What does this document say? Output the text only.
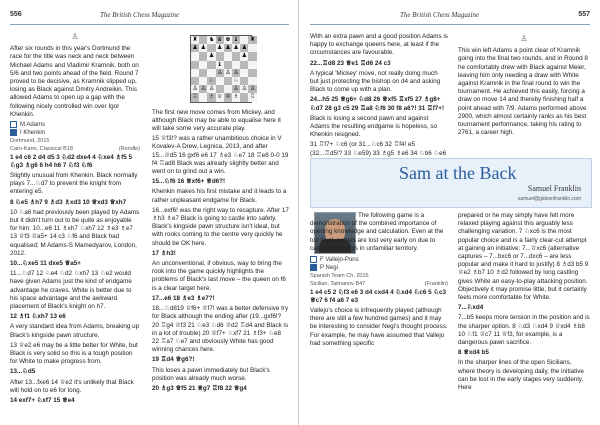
556	The British Chess Magazine
♙

After six rounds in this year's Dortmund the race for the title was neck and neck between Michael Adams and Vladimir Kramnik, both on 5/6 and two points ahead of the field. Round 7 proved to be decisive, as Kramnik slipped up, losing as Black against Dmitry Andreikin. This allowed Adams to open up a gap with the following nicely controlled win over Igor Khenkin.

M Adams
I Khenkin
Dortmund, 2015
Caro-Kann, Classical B18	(Rendle)

1 e4 c6 2 d4 d5 3 ♘d2 dxe4 4 ♘xe4 ♗f5 5 ♘g3 ♗g6 6 h4 h6 7 ♘f3 ♘f6

Slightly unusual from Khenkin. Black normally plays 7...♘d7 to prevent the knight from entering e5.

8 ♘e5 ♗h7 9 ♗d3 ♗xd3 10 ♕xd3 ♕xh7

10 ♘a6 had previously been played by Adams but it didn't turn out to be quite as enjoyable for him: 10...e6 11 ♗xh7 ♘xh7 12 ♗e3 ♗e7 13 ♕f3 ♕a5+ 14 c3 ♘f6 and Black had equalised; M Adams-S Mamedyarov, London, 2012.

10...♘xe5 11 dxe5 ♕a5+

11...♘d7 12 ♘e4 ♘d2 ♘xh7 13 ♘e2 would have given Adams just the kind of endgame advantage he craves. White is better due to his space advantage and the awkward placement of Black's knight on h7.

12 ♗f1 ♘xh7 13 e6

A very standard idea from Adams, breaking up Black's kingside pawn structure.

13 ♕e2 e6 may be a little better for White, but Black is very solid so this is a tough position for White to make progress from.

13...♘d5

After 13...fxe6 14 ♕e2 it's unlikely that Black will hold on to e6 for long.

14 exf7+ ♘xf7 15 ♕e4

♜ ♞ ♛ ♚ ♝ ♜
♟ ♟ ♟ ♟ ♟ ♟
♟	♟
♝
♙ ♙ ♙
♘	♘
♙ ♙ ♙	♙ ♙ ♙
♖ ♗ ♕ ♔ ♗ ♖

The first new move comes from Mickey, and although Black may be able to equalise here it will take some very accurate play.

15 ♕f3!? was a rather unambitious choice in V Kovalev-A Drew, Legnica, 2013, and after 15...♕d5 16 gxf6 e6 17 ♗e3 ♘e7 18 ♖e8 0-0 19 f4 ♖ad8 Black was already slightly better and went on to grind out a win.

15...♘f6 16 ♕xf6+ ♕d6?!

Khenkin makes his first mistake and it leads to a rather unpleasant endgame for Black.

16...exf6! was the right way to recapture. After 17 ♗h3 ♗e7 Black is going to castle into safety. Black's kingside pawn structure isn't ideal, but with rooks coming to the centre very quickly he should be OK here.

17 ♗h3!

An unconventional, if obvious, way to bring the rook into the game quickly highlights the problems of Black's last move – the queen on f6 is a clear target here.

17...e6 18 ♗e3 ♗e7?!

18...♘d819 ♕f6+ ♕f7! was a better defensive try for Black although the ending after (19...gxf6!? 20 ♖g4 ♕f3 21 ♘e3 ♘d6 ♕d2 ♖d4 and Black is in a lot of trouble) 20 ♕f7+ ♘xf7 21 ♗f3+ ♘e8 22 ♖a7 ♘e7 and obviously White has good winning chances here.

19 ♖d4 ♕g6?!

This loses a pawn immediately but Black's position was already much worse.

20 ♗g3 ♕f5 21 ♕g7 ♖f8 22 ♕g4

The British Chess Magazine	557

With an extra pawn and a good position Adams is happy to exchange queens here, at least if the circumstances are favourable.

22...♖d8 23 ♕e1 ♖d6 24 c3

A typical 'Mickey' move, not really doing much but just protecting the bishop on d4 and asking Black to come up with a plan.

24...h5 25 ♕g6+ ♘d8 26 ♕xf5 ♖xf5 27 ♗g8+ ♘d7 28 g3 c5 29 ♖a8 ♘f6 30 f8 a6?! 31 ♖f7+!

Black is losing a second pawn and against Adams the resulting endgame is hopeless, so Khenkin resigned.

31 ♖f7+ ♘c6 (or 31...♘c6 32 ♖f4! e5 (32...♖d5!? 33 ♘e59) 33 ♗g5 ♗e6 34 ♘b6 ♘e6

♙

This win left Adams a point clear of Kramnik going into the final two rounds, and in Round 8 he comfortably drew with Black against Meier, leaving him only needing a draw with White against Kramnik in the final round to win the tournament. He achieved this easily, forcing a draw on move 14 and thereby finishing half a point ahead with 7/9. Adams performed above 2900, which almost certainly ranks as his best tournament performance, taking his rating to 2761, a career high.

Sam at the Back
Samuel Franklin
samuel@gideonfranklin.com

The following game is a demonstration of the combined importance of opening knowledge and calculation. Even at the top level, games are lost very early on due to calculation errors in unfamiliar territory.

F Vallejo-Pons
P Negi
Spanish Team Ch, 2015
Sicilian, Taimanov B47	(Franklin)

1 e4 c5 2 ♘f3 e6 3 d4 cxd4 4 ♘xd4 ♘c6 5 ♘c3 ♕c7 6 f4 a6 7 e3

Vallejo's choice is infrequently played (although there are still a few hundred games) and it may be interesting to consider Negi's thought process. For example, he may have assumed that Vallejo had something specific

prepared or he may simply have felt more relaxed playing against this arguably less challenging variation. 7 ♘xc6 is the most popular choice and is a fairly clear-cut attempt at gaining an initiative: 7...♕xc6 (alternative captures – 7...bxc6 or 7...dxc6 – are less popular and make it hard to justify) 8 ♗d3 b5 9 ♕e2 ♗b7 10 ♗d2 followed by long castling gives White an easy-to-play attacking position. Objectively it may promise little, but it certainly feels more comfortable for White.

7...♘xd4

7...b5 keeps more tension in the position and is the sharper option. 8 ♘d3 ♘xd4 9 ♕xd4 ♗b8 10 ♘f1 ♕c7 11 ♕f3, for example, is a dangerous pawn sacrifice.

8 ♕xd4 b5

In the sharper lines of the open Sicilians, where theory is developing daily, the initiative can be lost in the early stages very suddenly. Here
